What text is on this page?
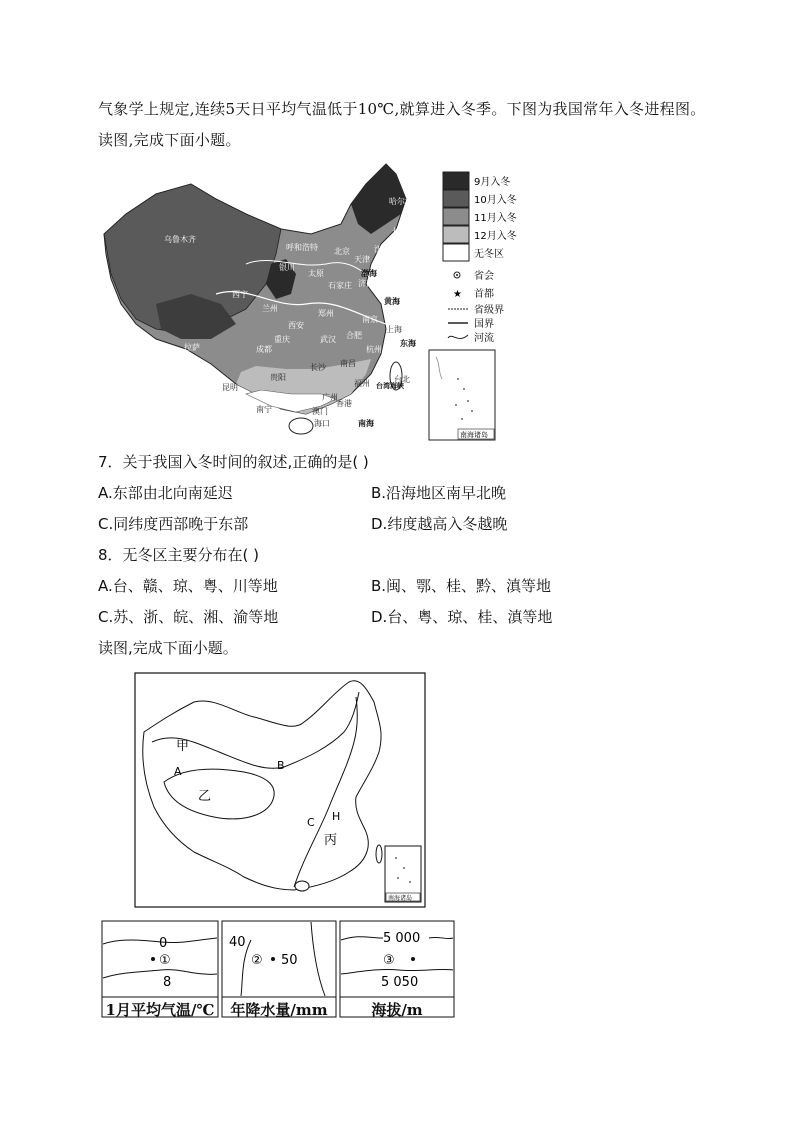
气象学上规定,连续5天日平均气温低于10℃,就算进入冬季。下图为我国常年入冬进程图。读图,完成下面小题。
乌鲁木齐
哈尔滨
长春
沈阳
呼和浩特 北京
天津
银川
太原
石家庄 济南
西宁
兰州
郑州
西安
南京
上海
合肥
武汉
成都
重庆
杭州
拉萨
长沙 南昌
福州	台北
昆明
贵阳
广州
南宁
香港
澳门
海口
渤海
黄海
东海
南海
台湾海峡
9月入冬
10月入冬
11月入冬
12月入冬
无冬区
省会
★ 首都
省级界
国界
河流
南海诸岛
7．关于我国入冬时间的叙述,正确的是( )
A.东部由北向南延迟	B.沿海地区南早北晚
C.同纬度西部晚于东部	D.纬度越高入冬越晚
8．无冬区主要分布在( )
A.台、赣、琼、粤、川等地	B.闽、鄂、桂、黔、滇等地
C.苏、浙、皖、湘、渝等地	D.台、粤、琼、桂、滇等地
读图,完成下面小题。
甲
A
乙
B
C H
丙
南海诸岛
0
①
8
1月平均气温/℃
40
② 50
年降水量/mm
5 000
③
5 050
海拔/m
